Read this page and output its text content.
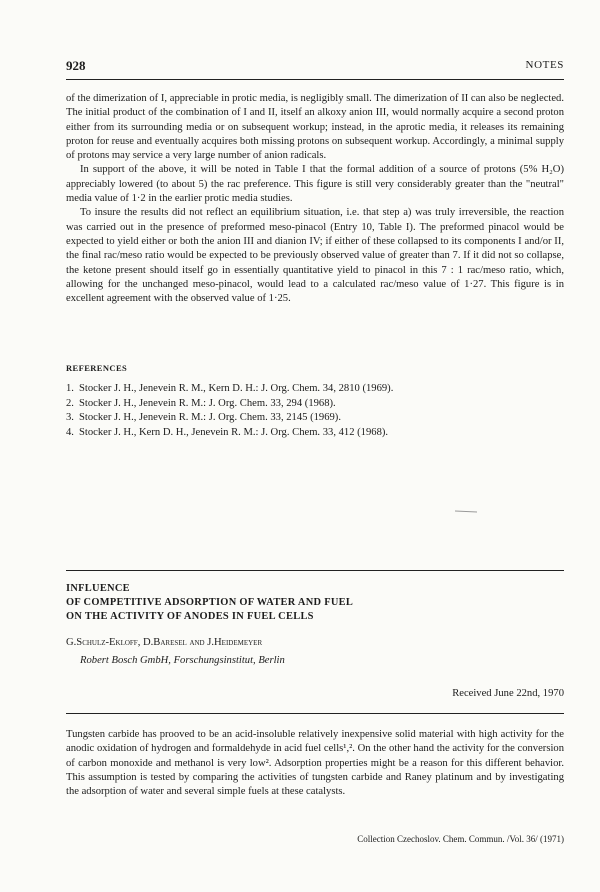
928	NOTES

of the dimerization of I, appreciable in protic media, is negligibly small. The dimerization of II can also be neglected. The initial product of the combination of I and II, itself an alkoxy anion III, would normally acquire a second proton either from its surrounding media or on subsequent workup; instead, in the aprotic media, it releases its remaining proton for reuse and eventually acquires both missing protons on subsequent workup. Accordingly, a minimal supply of protons may service a very large number of anion radicals.

In support of the above, it will be noted in Table I that the formal addition of a source of protons (5% H₂O) appreciably lowered (to about 5) the rac preference. This figure is still very considerably greater than the "neutral" media value of 1·2 in the earlier protic media studies.

To insure the results did not reflect an equilibrium situation, i.e. that step a) was truly irreversible, the reaction was carried out in the presence of preformed meso-pinacol (Entry 10, Table I). The preformed pinacol would be expected to yield either or both the anion III and dianion IV; if either of these collapsed to its components I and/or II, the final rac/meso ratio would be expected to be previously observed value of greater than 7. If it did not so collapse, the ketone present should itself go in essentially quantitative yield to pinacol in this 7 : 1 rac/meso ratio, which, allowing for the unchanged meso-pinacol, would lead to a calculated rac/meso value of 1·27. This figure is in excellent agreement with the observed value of 1·25.

REFERENCES
1. Stocker J. H., Jenevein R. M., Kern D. H.: J. Org. Chem. 34, 2810 (1969).
2. Stocker J. H., Jenevein R. M.: J. Org. Chem. 33, 294 (1968).
3. Stocker J. H., Jenevein R. M.: J. Org. Chem. 33, 2145 (1969).
4. Stocker J. H., Kern D. H., Jenevein R. M.: J. Org. Chem. 33, 412 (1968).
INFLUENCE
OF COMPETITIVE ADSORPTION OF WATER AND FUEL
ON THE ACTIVITY OF ANODES IN FUEL CELLS
G.Schulz-Ekloff, D.Baresel and J.Heidemeyer
Robert Bosch GmbH, Forschungsinstitut, Berlin
Received June 22nd, 1970

Tungsten carbide has prooved to be an acid-insoluble relatively inexpensive solid material with high activity for the anodic oxidation of hydrogen and formaldehyde in acid fuel cells¹,². On the other hand the activity for the conversion of carbon monoxide and methanol is very low². Adsorption properties might be a reason for this different behavior. This assumption is tested by comparing the activities of tungsten carbide and Raney platinum and by investigating the adsorption of water and several simple fuels at these catalysts.

Collection Czechoslov. Chem. Commun. /Vol. 36/ (1971)
